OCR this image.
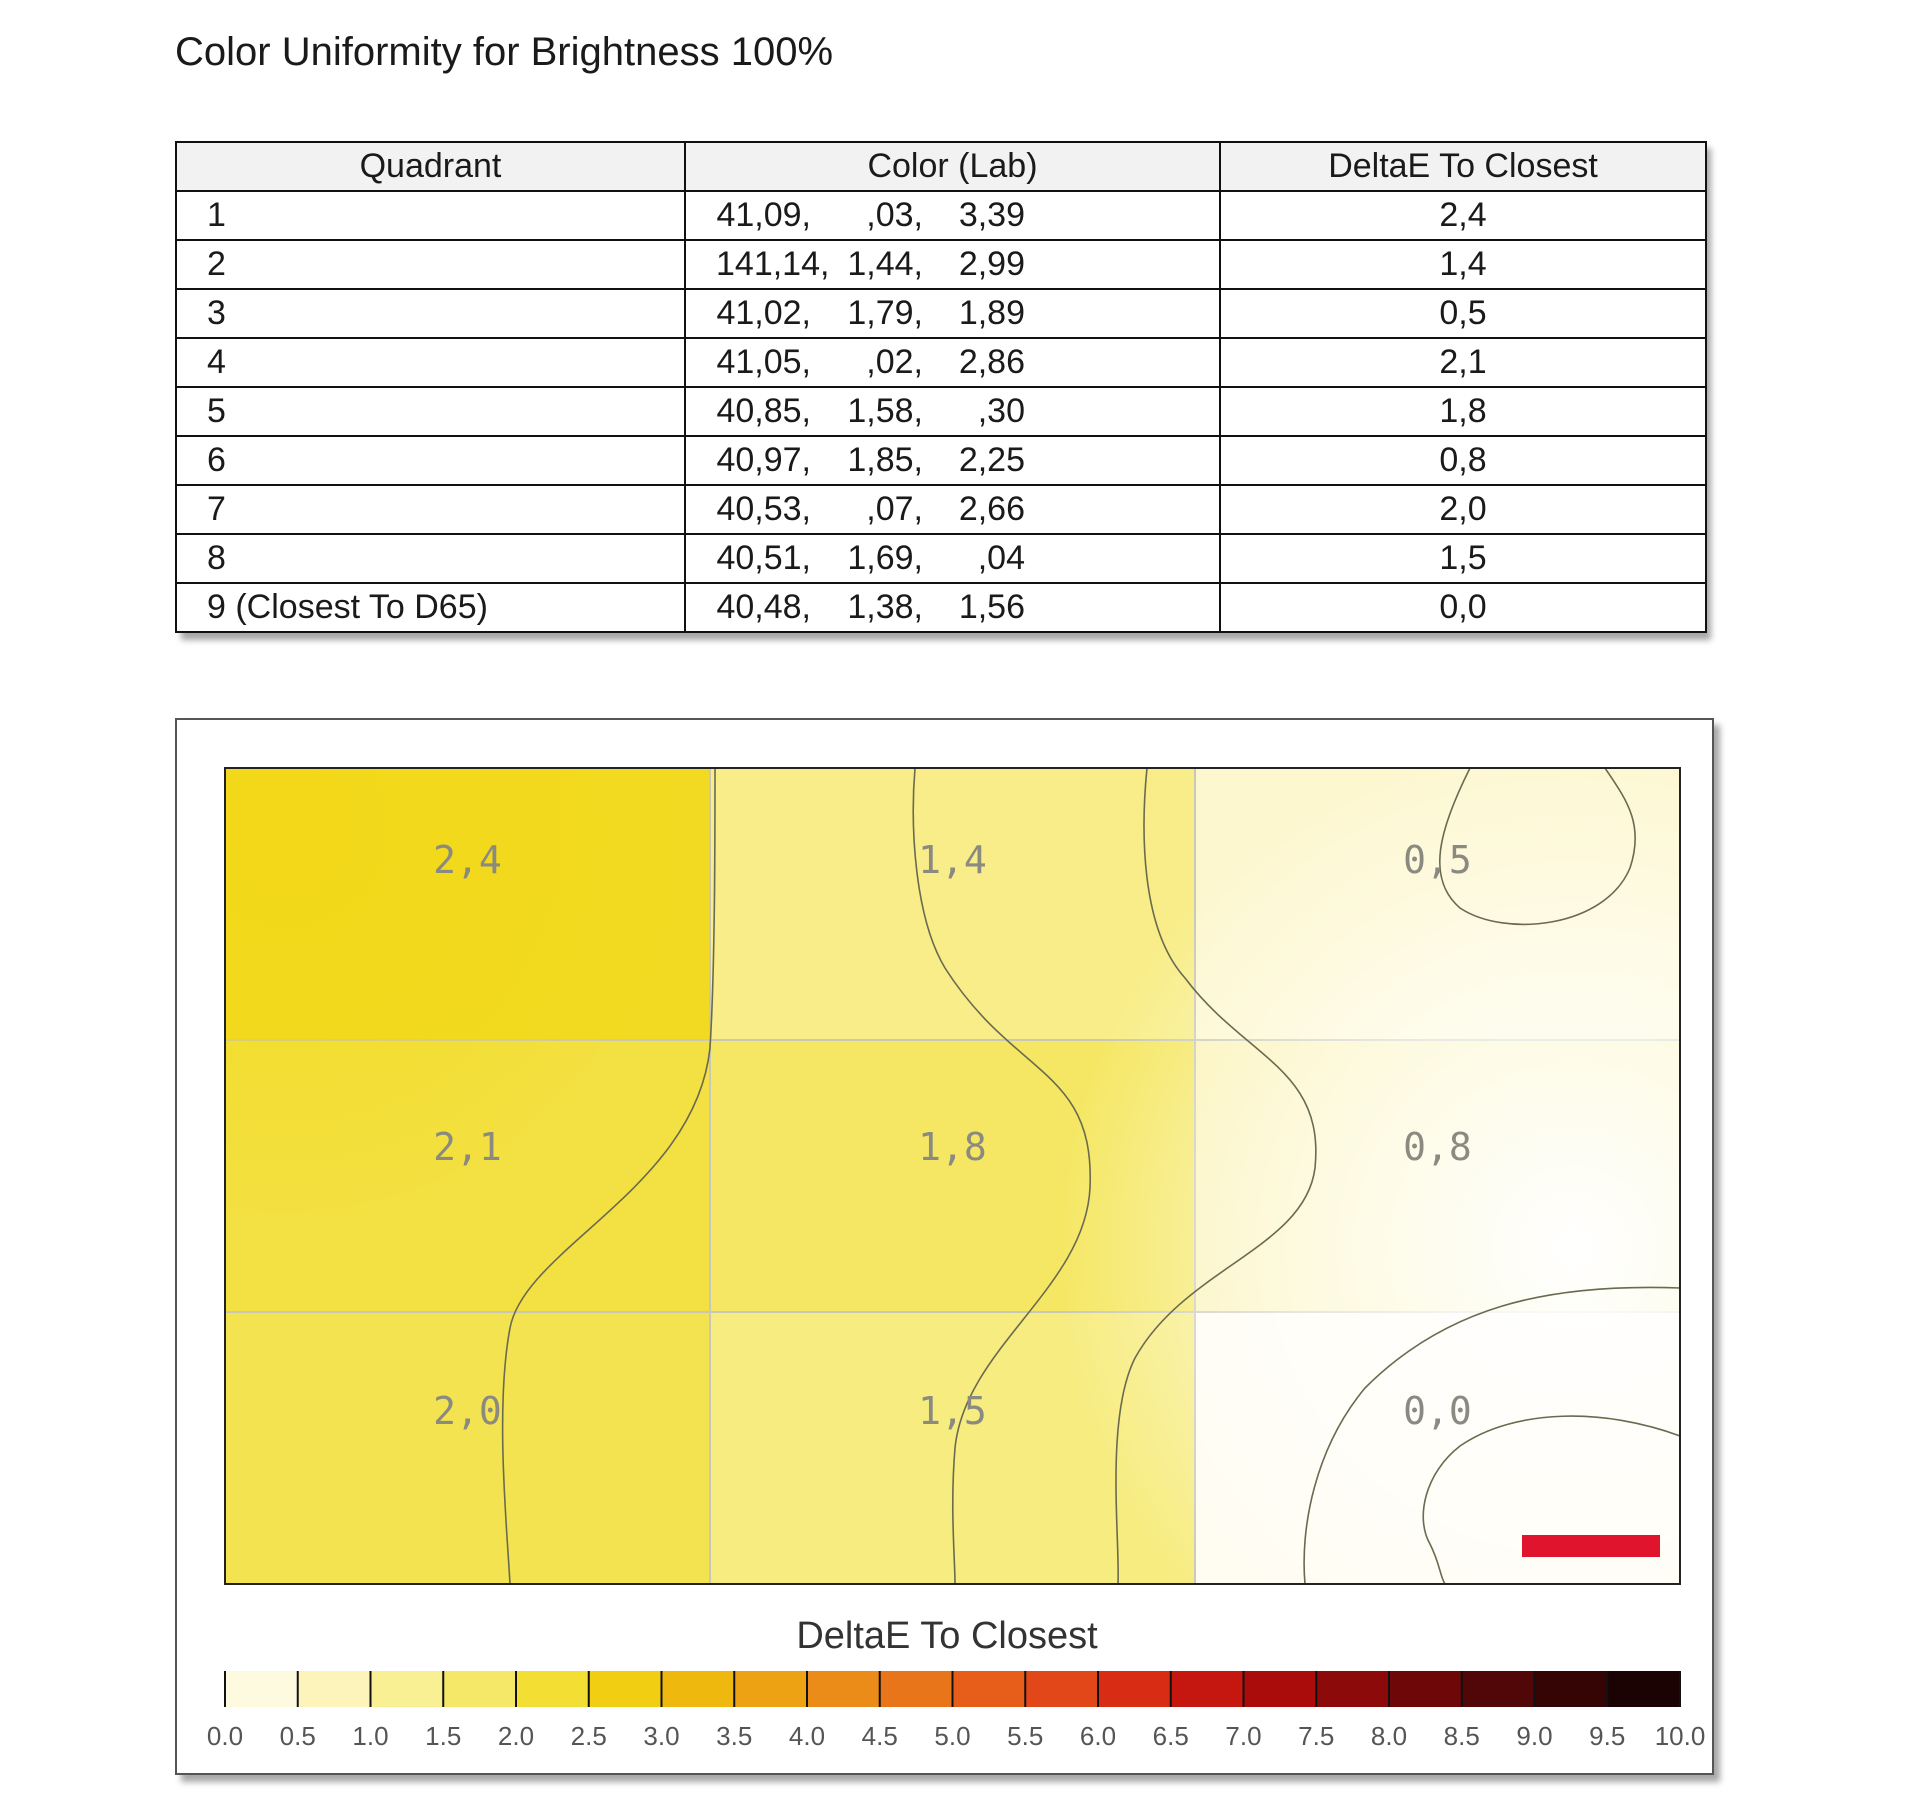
Color Uniformity for Brightness 100%
Quadrant	Color (Lab)	DeltaE To Closest
1	41,09, ,03, 3,39	2,4
2	141,14, 1,44, 2,99	1,4
3	41,02, 1,79, 1,89	0,5
4	41,05, ,02, 2,86	2,1
5	40,85, 1,58, ,30	1,8
6	40,97, 1,85, 2,25	0,8
7	40,53, ,07, 2,66	2,0
8	40,51, 1,69, ,04	1,5
9 (Closest To D65)	40,48, 1,38, 1,56	0,0
2,4	1,4	0,5
2,1	1,8	0,8
2,0	1,5	0,0
DeltaE To Closest
0.0 0.5 1.0 1.5 2.0 2.5 3.0 3.5 4.0 4.5 5.0 5.5 6.0 6.5 7.0 7.5 8.0 8.5 9.0 9.5 10.0
